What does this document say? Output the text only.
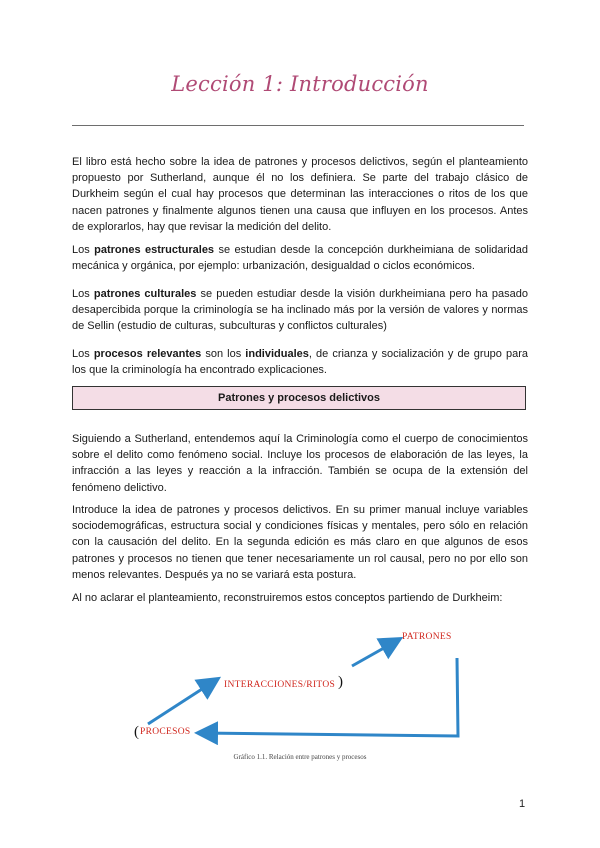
Lección 1: Introducción

El libro está hecho sobre la idea de patrones y procesos delictivos, según el planteamiento propuesto por Sutherland, aunque él no los definiera. Se parte del trabajo clásico de Durkheim según el cual hay procesos que determinan las interacciones o ritos de los que nacen patrones y finalmente algunos tienen una causa que influyen en los procesos. Antes de explorarlos, hay que revisar la medición del delito.

Los patrones estructurales se estudian desde la concepción durkheimiana de solidaridad mecánica y orgánica, por ejemplo: urbanización, desigualdad o ciclos económicos.

Los patrones culturales se pueden estudiar desde la visión durkheimiana pero ha pasado desapercibida porque la criminología se ha inclinado más por la versión de valores y normas de Sellin (estudio de culturas, subculturas y conflictos culturales)

Los procesos relevantes son los individuales, de crianza y socialización y de grupo para los que la criminología ha encontrado explicaciones.

Patrones y procesos delictivos

Siguiendo a Sutherland, entendemos aquí la Criminología como el cuerpo de conocimientos sobre el delito como fenómeno social. Incluye los procesos de elaboración de las leyes, la infracción a las leyes y reacción a la infracción. También se ocupa de la extensión del fenómeno delictivo.

Introduce la idea de patrones y procesos delictivos. En su primer manual incluye variables sociodemográficas, estructura social y condiciones físicas y mentales, pero sólo en relación con la causación del delito. En la segunda edición es más claro en que algunos de esos patrones y procesos no tienen que tener necesariamente un rol causal, pero no por ello son menos relevantes. Después ya no se variará esta postura.

Al no aclarar el planteamiento, reconstruiremos estos conceptos partiendo de Durkheim:

PATRONES
INTERACCIONES/RITOS )
( PROCESOS
Gráfico 1.1. Relación entre patrones y procesos
1
